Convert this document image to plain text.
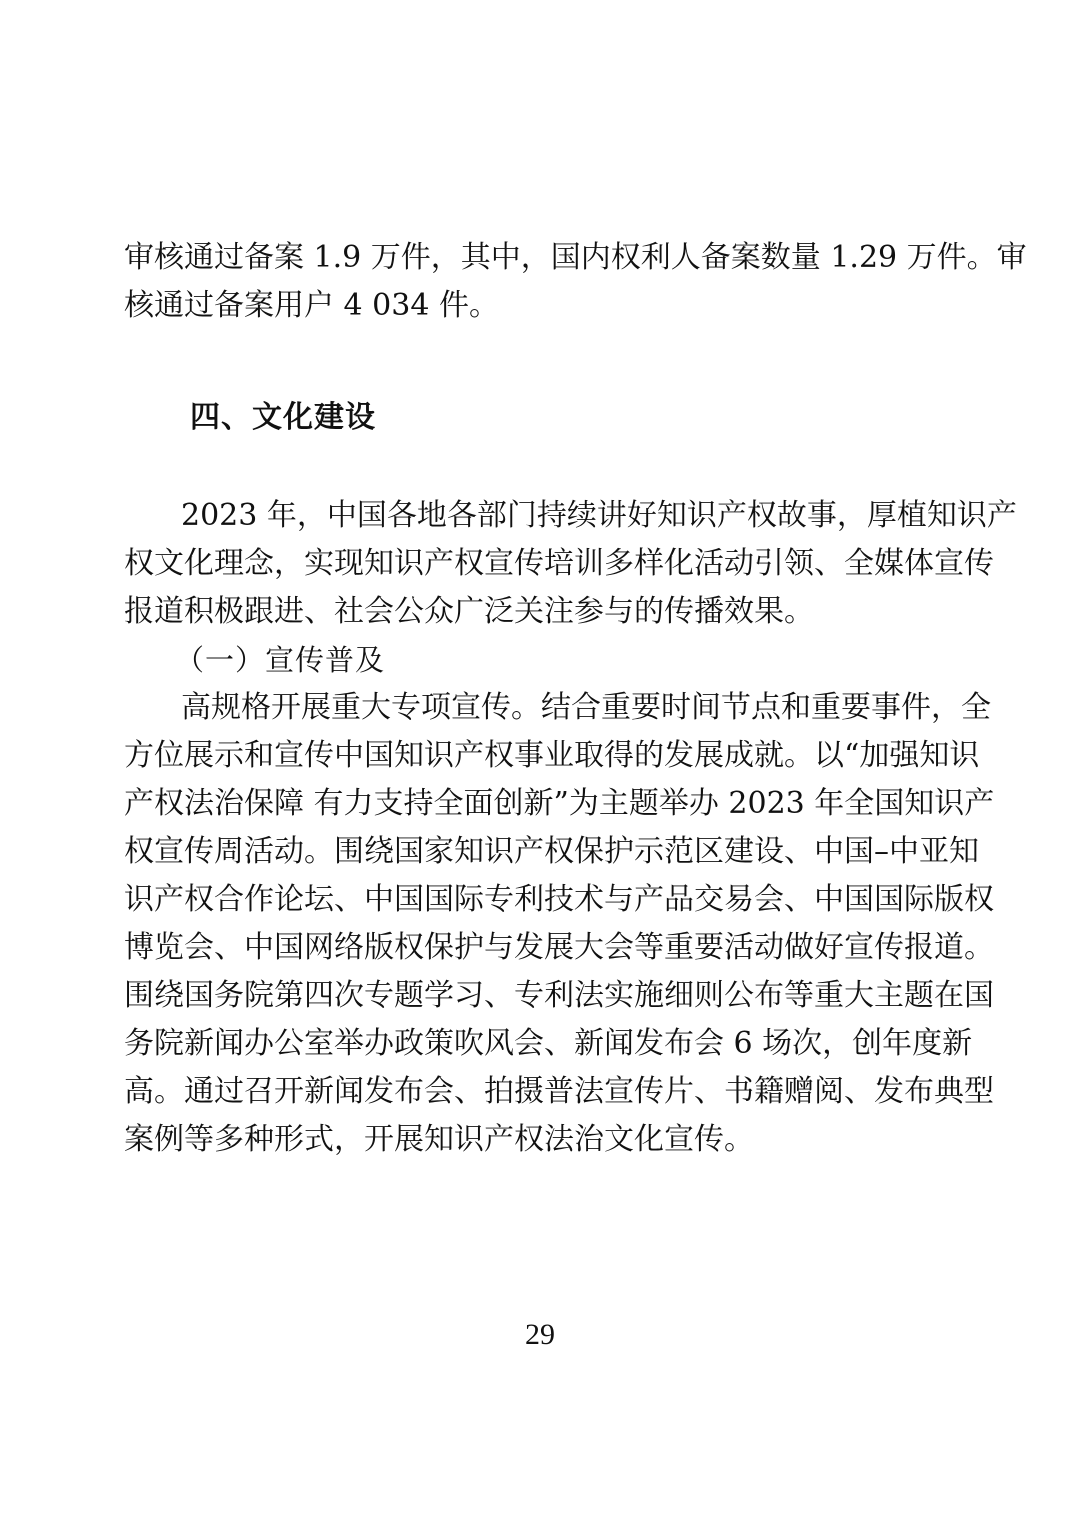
审核通过备案 1.9 万件，其中，国内权利人备案数量 1.29 万件。审
核通过备案用户 4 034 件。
四、文化建设
2023 年，中国各地各部门持续讲好知识产权故事，厚植知识产
权文化理念，实现知识产权宣传培训多样化活动引领、全媒体宣传
报道积极跟进、社会公众广泛关注参与的传播效果。
（一）宣传普及
高规格开展重大专项宣传。结合重要时间节点和重要事件，全
方位展示和宣传中国知识产权事业取得的发展成就。以“加强知识
产权法治保障 有力支持全面创新”为主题举办 2023 年全国知识产
权宣传周活动。围绕国家知识产权保护示范区建设、中国–中亚知
识产权合作论坛、中国国际专利技术与产品交易会、中国国际版权
博览会、中国网络版权保护与发展大会等重要活动做好宣传报道。
围绕国务院第四次专题学习、专利法实施细则公布等重大主题在国
务院新闻办公室举办政策吹风会、新闻发布会 6 场次，创年度新
高。通过召开新闻发布会、拍摄普法宣传片、书籍赠阅、发布典型
案例等多种形式，开展知识产权法治文化宣传。
29
